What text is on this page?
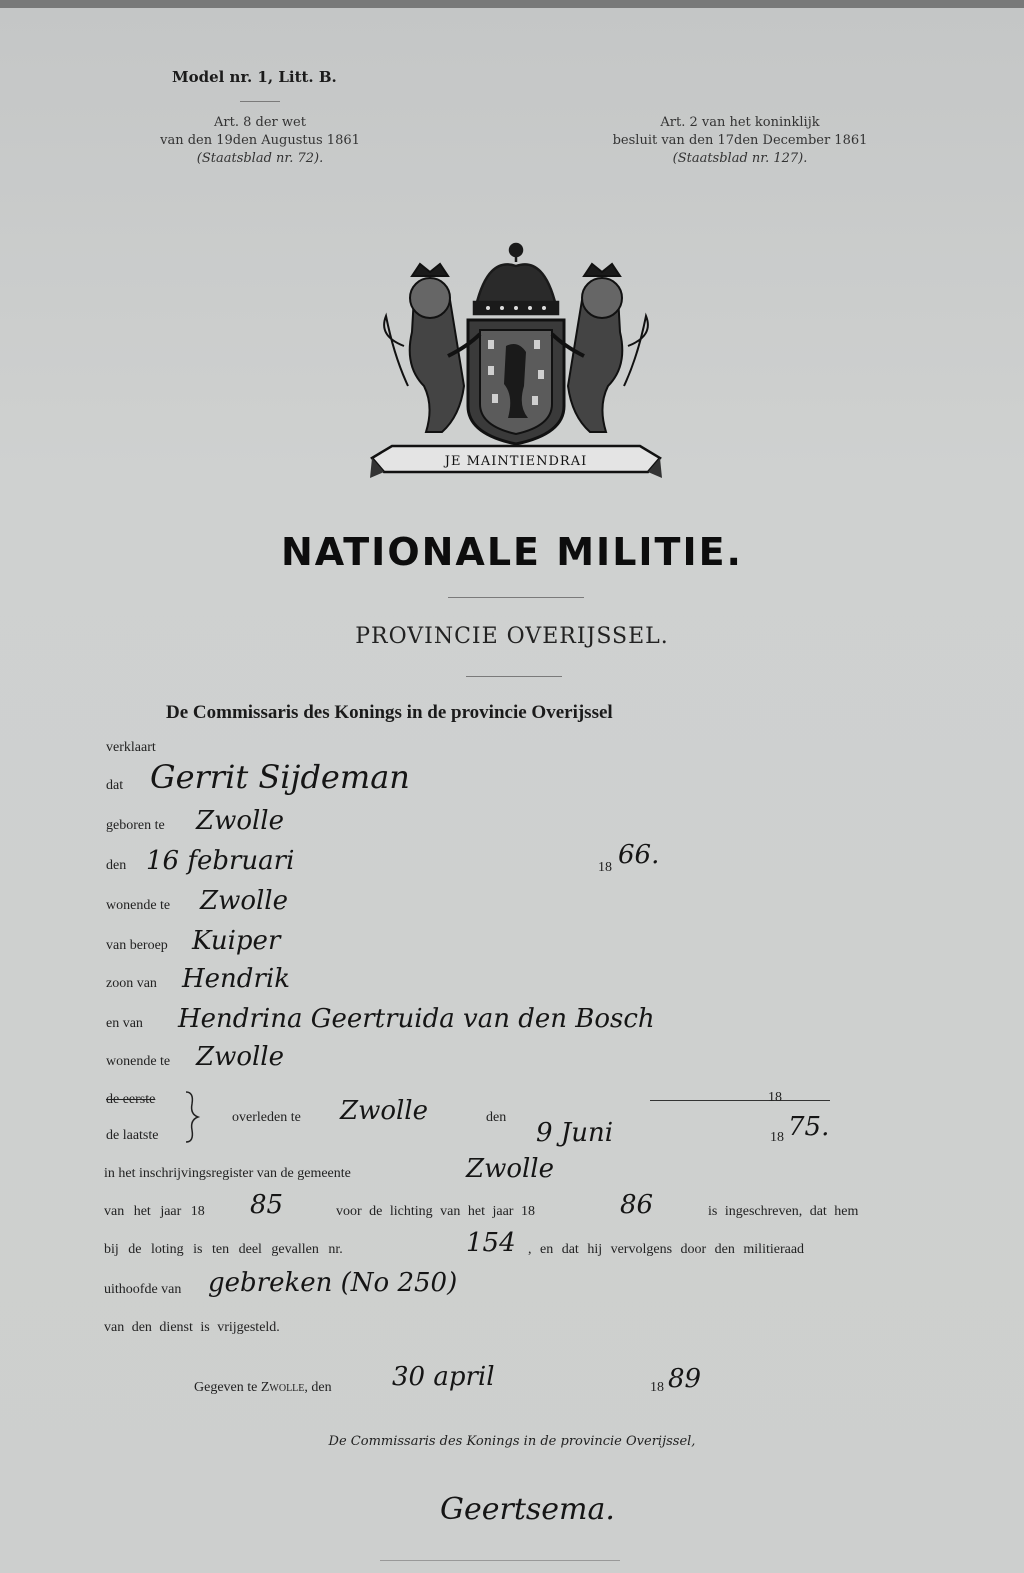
Model nr. 1, Litt. B.
Art. 8 der wet
van den 19den Augustus 1861
(Staatsblad nr. 72).
Art. 2 van het koninklijk
besluit van den 17den December 1861
(Staatsblad nr. 127).
JE MAINTIENDRAI
NATIONALE MILITIE.
PROVINCIE OVERIJSSEL.
De Commissaris des Konings in de provincie Overijssel
verklaart
dat Gerrit Sijdeman
geboren te Zwolle
den 16 februari	18 66.
wonende te Zwolle
van beroep Kuiper
zoon van Hendrik
en van Hendrina Geertruida van den Bosch
wonende te Zwolle
de eerste
de laatste
overleden te Zwolle	den
18
9 Juni	18 75.
in het inschrijvingsregister van de gemeente	Zwolle
van het jaar 18 85	voor de lichting van het jaar 18	86	is ingeschreven, dat hem
bij de loting is ten deel gevallen nr.	154 , en dat hij vervolgens door den militieraad
uithoofde van gebreken (No 250)
van den dienst is vrijgesteld.
Gegeven te Zwolle, den 30 april	18 89
De Commissaris des Konings in de provincie Overijssel,
Geertsema.
